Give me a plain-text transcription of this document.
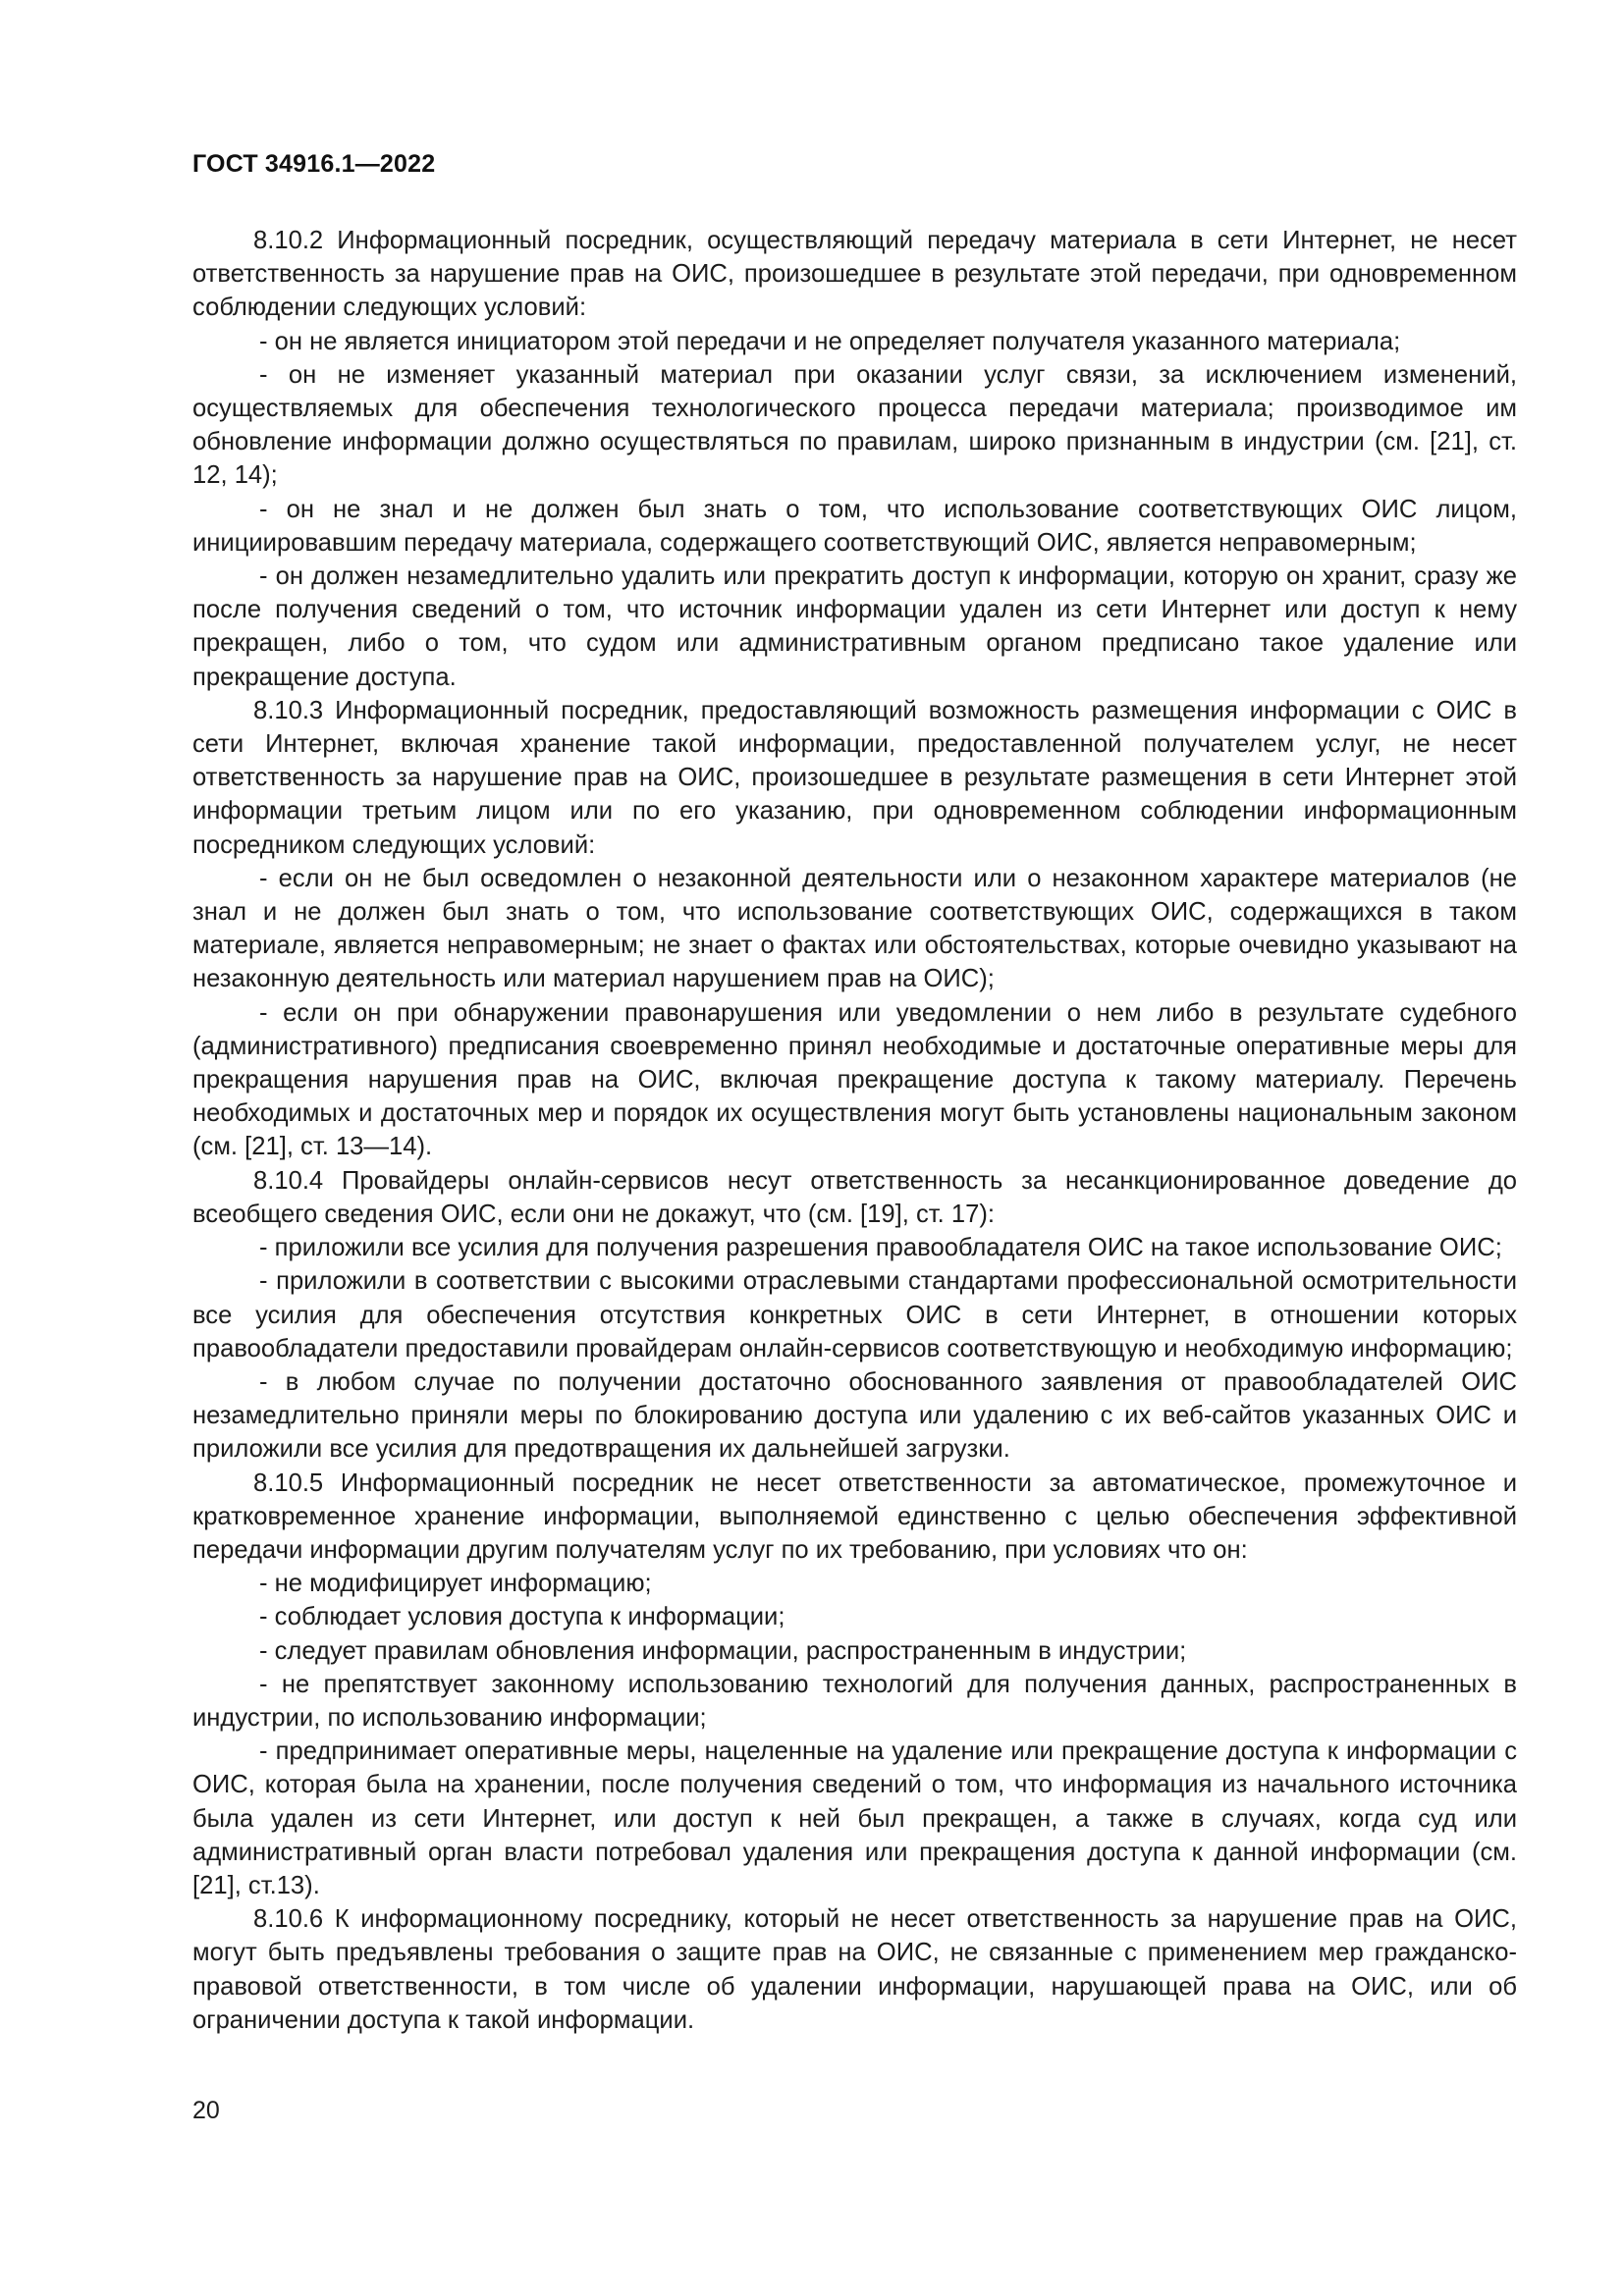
ГОСТ 34916.1—2022

8.10.2 Информационный посредник, осуществляющий передачу материала в сети Интернет, не несет ответственность за нарушение прав на ОИС, произошедшее в результате этой передачи, при одновременном соблюдении следующих условий:

- он не является инициатором этой передачи и не определяет получателя указанного материала;

- он не изменяет указанный материал при оказании услуг связи, за исключением изменений, осуществляемых для обеспечения технологического процесса передачи материала; производимое им обновление информации должно осуществляться по правилам, широко признанным в индустрии (см. [21], ст. 12, 14);

- он не знал и не должен был знать о том, что использование соответствующих ОИС лицом, инициировавшим передачу материала, содержащего соответствующий ОИС, является неправомерным;

- он должен незамедлительно удалить или прекратить доступ к информации, которую он хранит, сразу же после получения сведений о том, что источник информации удален из сети Интернет или доступ к нему прекращен, либо о том, что судом или административным органом предписано такое удаление или прекращение доступа.

8.10.3 Информационный посредник, предоставляющий возможность размещения информации с ОИС в сети Интернет, включая хранение такой информации, предоставленной получателем услуг, не несет ответственность за нарушение прав на ОИС, произошедшее в результате размещения в сети Интернет этой информации третьим лицом или по его указанию, при одновременном соблюдении информационным посредником следующих условий:

- если он не был осведомлен о незаконной деятельности или о незаконном характере материалов (не знал и не должен был знать о том, что использование соответствующих ОИС, содержащихся в таком материале, является неправомерным; не знает о фактах или обстоятельствах, которые очевидно указывают на незаконную деятельность или материал нарушением прав на ОИС);

- если он при обнаружении правонарушения или уведомлении о нем либо в результате судебного (административного) предписания своевременно принял необходимые и достаточные оперативные меры для прекращения нарушения прав на ОИС, включая прекращение доступа к такому материалу. Перечень необходимых и достаточных мер и порядок их осуществления могут быть установлены национальным законом (см. [21], ст. 13—14).

8.10.4 Провайдеры онлайн-сервисов несут ответственность за несанкционированное доведение до всеобщего сведения ОИС, если они не докажут, что (см. [19], ст. 17):

- приложили все усилия для получения разрешения правообладателя ОИС на такое использование ОИС;

- приложили в соответствии с высокими отраслевыми стандартами профессиональной осмотрительности все усилия для обеспечения отсутствия конкретных ОИС в сети Интернет, в отношении которых правообладатели предоставили провайдерам онлайн-сервисов соответствующую и необходимую информацию;

- в любом случае по получении достаточно обоснованного заявления от правообладателей ОИС незамедлительно приняли меры по блокированию доступа или удалению с их веб-сайтов указанных ОИС и приложили все усилия для предотвращения их дальнейшей загрузки.

8.10.5 Информационный посредник не несет ответственности за автоматическое, промежуточное и кратковременное хранение информации, выполняемой единственно с целью обеспечения эффективной передачи информации другим получателям услуг по их требованию, при условиях что он:

- не модифицирует информацию;

- соблюдает условия доступа к информации;

- следует правилам обновления информации, распространенным в индустрии;

- не препятствует законному использованию технологий для получения данных, распространенных в индустрии, по использованию информации;

- предпринимает оперативные меры, нацеленные на удаление или прекращение доступа к информации с ОИС, которая была на хранении, после получения сведений о том, что информация из начального источника была удален из сети Интернет, или доступ к ней был прекращен, а также в случаях, когда суд или административный орган власти потребовал удаления или прекращения доступа к данной информации (см. [21], ст.13).

8.10.6 К информационному посреднику, который не несет ответственность за нарушение прав на ОИС, могут быть предъявлены требования о защите прав на ОИС, не связанные с применением мер гражданско-правовой ответственности, в том числе об удалении информации, нарушающей права на ОИС, или об ограничении доступа к такой информации.

20
